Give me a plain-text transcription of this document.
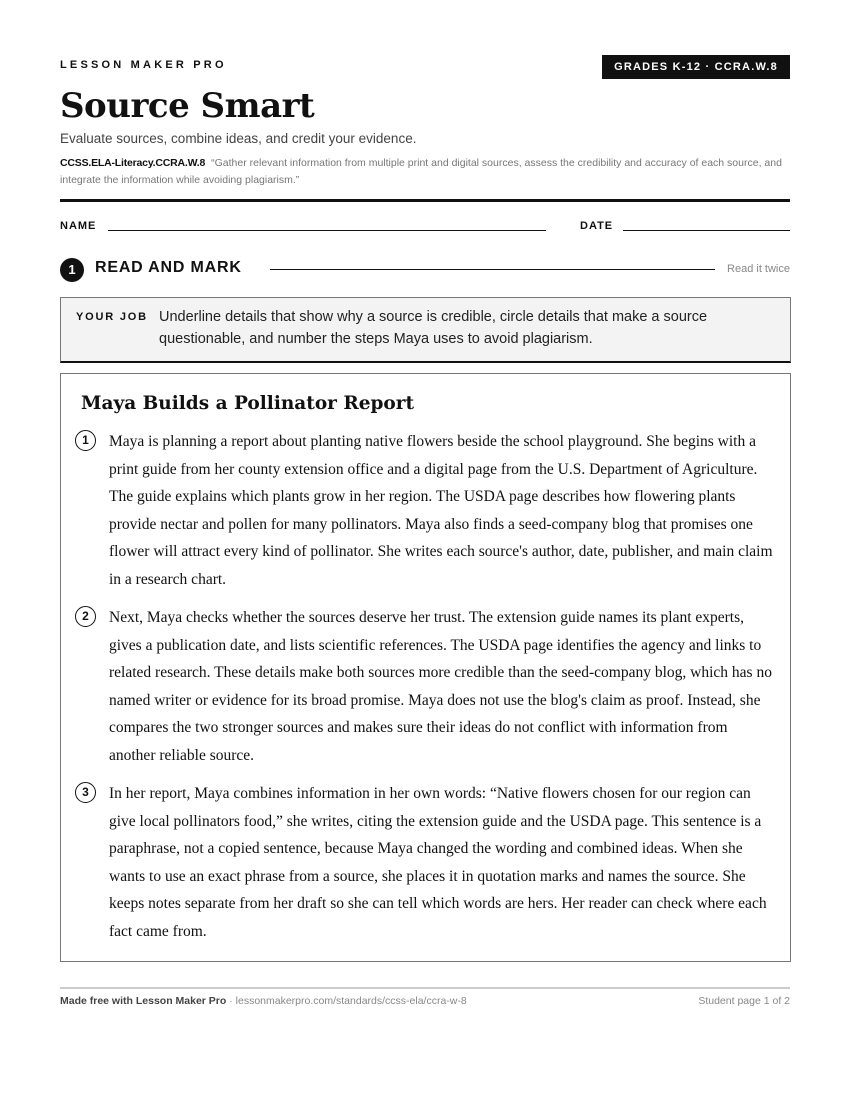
LESSON MAKER PRO	GRADES K-12 · CCRA.W.8
Source Smart
Evaluate sources, combine ideas, and credit your evidence.
CCSS.ELA-Literacy.CCRA.W.8 “Gather relevant information from multiple print and digital sources, assess the credibility and accuracy of each source, and integrate the information while avoiding plagiarism.”
NAME	DATE
1	READ AND MARK	Read it twice
YOUR JOB Underline details that show why a source is credible, circle details that make a source questionable, and number the steps Maya uses to avoid plagiarism.
Maya Builds a Pollinator Report
1	Maya is planning a report about planting native flowers beside the school playground. She begins with a print guide from her county extension office and a digital page from the U.S. Department of Agriculture. The guide explains which plants grow in her region. The USDA page describes how flowering plants provide nectar and pollen for many pollinators. Maya also finds a seed-company blog that promises one flower will attract every kind of pollinator. She writes each source's author, date, publisher, and main claim in a research chart.
2	Next, Maya checks whether the sources deserve her trust. The extension guide names its plant experts, gives a publication date, and lists scientific references. The USDA page identifies the agency and links to related research. These details make both sources more credible than the seed-company blog, which has no named writer or evidence for its broad promise. Maya does not use the blog's claim as proof. Instead, she compares the two stronger sources and makes sure their ideas do not conflict with information from another reliable source.
3	In her report, Maya combines information in her own words: “Native flowers chosen for our region can give local pollinators food,” she writes, citing the extension guide and the USDA page. This sentence is a paraphrase, not a copied sentence, because Maya changed the wording and combined ideas. When she wants to use an exact phrase from a source, she places it in quotation marks and names the source. She keeps notes separate from her draft so she can tell which words are hers. Her reader can check where each fact came from.
Made free with Lesson Maker Pro · lessonmakerpro.com/standards/ccss-ela/ccra-w-8	Student page 1 of 2
